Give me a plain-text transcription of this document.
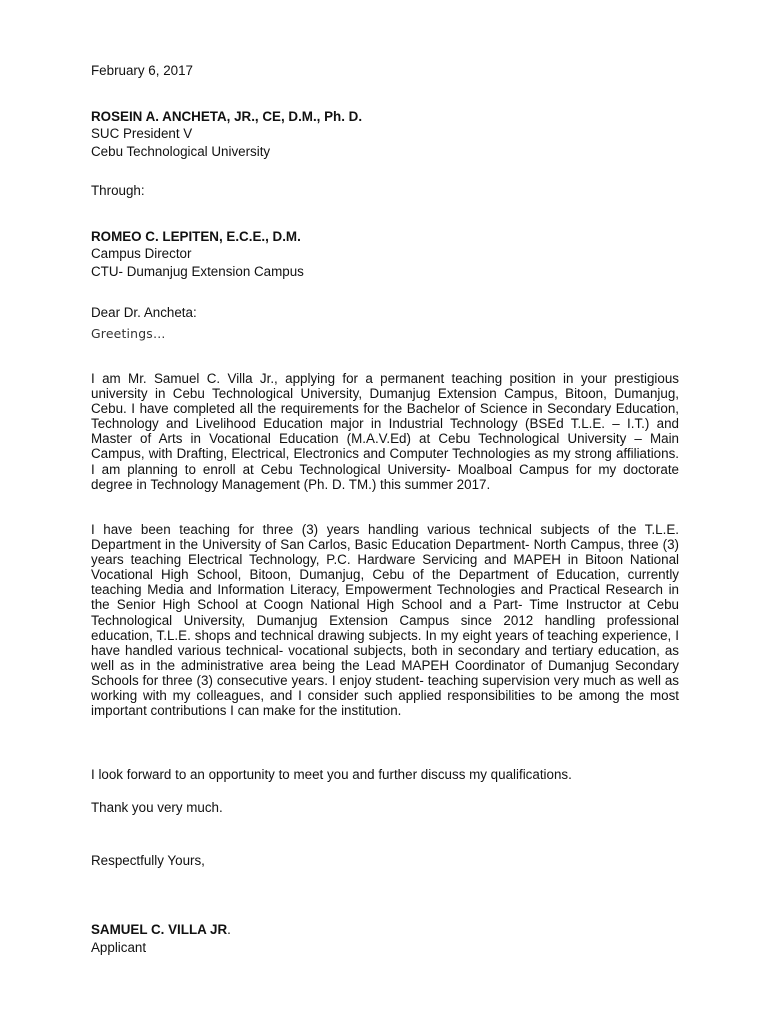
February 6, 2017
ROSEIN A. ANCHETA, JR., CE, D.M., Ph. D.
SUC President V
Cebu Technological University
Through:
ROMEO C. LEPITEN, E.C.E., D.M.
Campus Director
CTU- Dumanjug Extension Campus
Dear Dr. Ancheta:
Greetings…

I am Mr. Samuel C. Villa Jr., applying for a permanent teaching position in your prestigious university in Cebu Technological University, Dumanjug Extension Campus, Bitoon, Dumanjug, Cebu. I have completed all the requirements for the Bachelor of Science in Secondary Education, Technology and Livelihood Education major in Industrial Technology (BSEd T.L.E. – I.T.) and Master of Arts in Vocational Education (M.A.V.Ed) at Cebu Technological University – Main Campus, with Drafting, Electrical, Electronics and Computer Technologies as my strong affiliations. I am planning to enroll at Cebu Technological University- Moalboal Campus for my doctorate degree in Technology Management (Ph. D. TM.) this summer 2017.

I have been teaching for three (3) years handling various technical subjects of the T.L.E. Department in the University of San Carlos, Basic Education Department- North Campus, three (3) years teaching Electrical Technology, P.C. Hardware Servicing and MAPEH in Bitoon National Vocational High School, Bitoon, Dumanjug, Cebu of the Department of Education, currently teaching Media and Information Literacy, Empowerment Technologies and Practical Research in the Senior High School at Coogn National High School and a Part- Time Instructor at Cebu Technological University, Dumanjug Extension Campus since 2012 handling professional education, T.L.E. shops and technical drawing subjects. In my eight years of teaching experience, I have handled various technical- vocational subjects, both in secondary and tertiary education, as well as in the administrative area being the Lead MAPEH Coordinator of Dumanjug Secondary Schools for three (3) consecutive years. I enjoy student- teaching supervision very much as well as working with my colleagues, and I consider such applied responsibilities to be among the most important contributions I can make for the institution.

I look forward to an opportunity to meet you and further discuss my qualifications.
Thank you very much.
Respectfully Yours,
SAMUEL C. VILLA JR.
Applicant
